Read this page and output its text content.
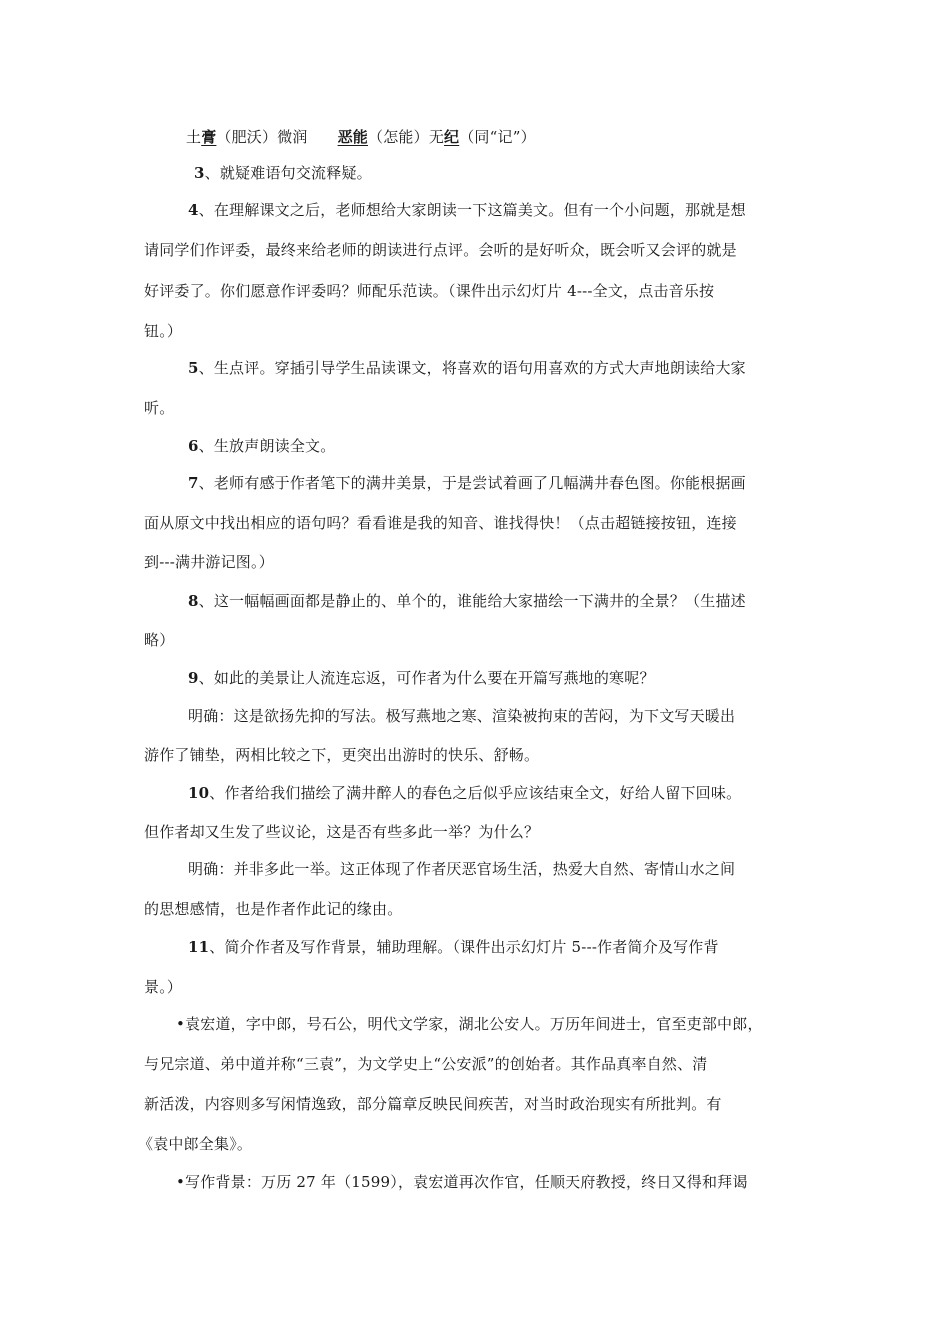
土膏（肥沃）微润 恶能（怎能）无纪（同“记”）
3、就疑难语句交流释疑。
4、在理解课文之后，老师想给大家朗读一下这篇美文。但有一个小问题，那就是想
请同学们作评委，最终来给老师的朗读进行点评。会听的是好听众，既会听又会评的就是
好评委了。你们愿意作评委吗？师配乐范读。（课件出示幻灯片 4---全文，点击音乐按
钮。）
5、生点评。穿插引导学生品读课文，将喜欢的语句用喜欢的方式大声地朗读给大家
听。
6、生放声朗读全文。
7、老师有感于作者笔下的满井美景，于是尝试着画了几幅满井春色图。你能根据画
面从原文中找出相应的语句吗？看看谁是我的知音、谁找得快！（点击超链接按钮，连接
到---满井游记图。）
8、这一幅幅画面都是静止的、单个的，谁能给大家描绘一下满井的全景？（生描述
略）
9、如此的美景让人流连忘返，可作者为什么要在开篇写燕地的寒呢？
明确：这是欲扬先抑的写法。极写燕地之寒、渲染被拘束的苦闷，为下文写天暖出
游作了铺垫，两相比较之下，更突出出游时的快乐、舒畅。
10、作者给我们描绘了满井醉人的春色之后似乎应该结束全文，好给人留下回味。
但作者却又生发了些议论，这是否有些多此一举？为什么？
明确：并非多此一举。这正体现了作者厌恶官场生活，热爱大自然、寄情山水之间
的思想感情，也是作者作此记的缘由。
11、简介作者及写作背景，辅助理解。（课件出示幻灯片 5---作者简介及写作背
景。）
•袁宏道，字中郎，号石公，明代文学家，湖北公安人。万历年间进士，官至吏部中郎，
与兄宗道、弟中道并称“三袁”，为文学史上“公安派”的创始者。其作品真率自然、清
新活泼，内容则多写闲情逸致，部分篇章反映民间疾苦，对当时政治现实有所批判。有
《袁中郎全集》。
•写作背景：万历 27 年（1599），袁宏道再次作官，任顺天府教授，终日又得和拜谒
